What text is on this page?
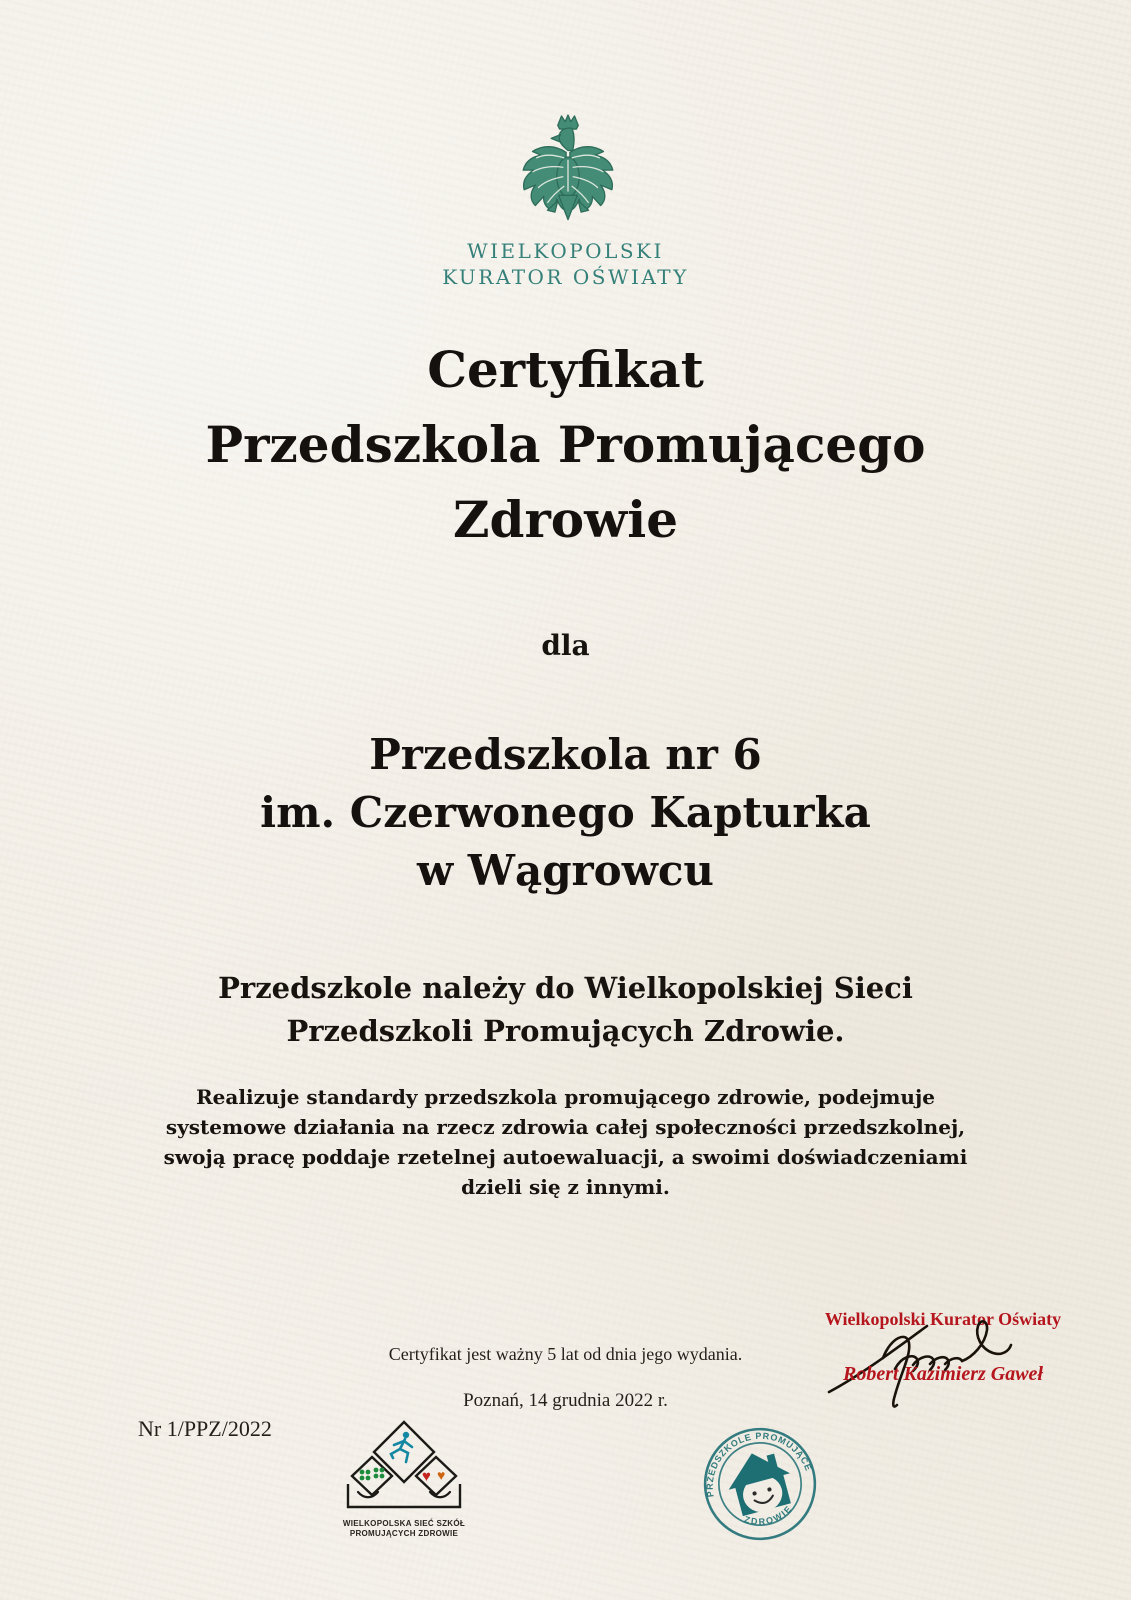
WIELKOPOLSKI
KURATOR OŚWIATY
Certyfikat
Przedszkola Promującego
Zdrowie
dla
Przedszkola nr 6
im. Czerwonego Kapturka
w Wągrowcu
Przedszkole należy do Wielkopolskiej Sieci
Przedszkoli Promujących Zdrowie.
Realizuje standardy przedszkola promującego zdrowie, podejmuje
systemowe działania na rzecz zdrowia całej społeczności przedszkolnej,
swoją pracę poddaje rzetelnej autoewaluacji, a swoimi doświadczeniami
dzieli się z innymi.
Wielkopolski Kurator Oświaty
Robert Kazimierz Gaweł
Certyfikat jest ważny 5 lat od dnia jego wydania.
Poznań, 14 grudnia 2022 r.
Nr 1/PPZ/2022
♥ ♥
WIELKOPOLSKA SIEĆ SZKÓŁ
PROMUJĄCYCH ZDROWIE
PRZEDSZKOLE PROMUJĄCE
ZDROWIE
